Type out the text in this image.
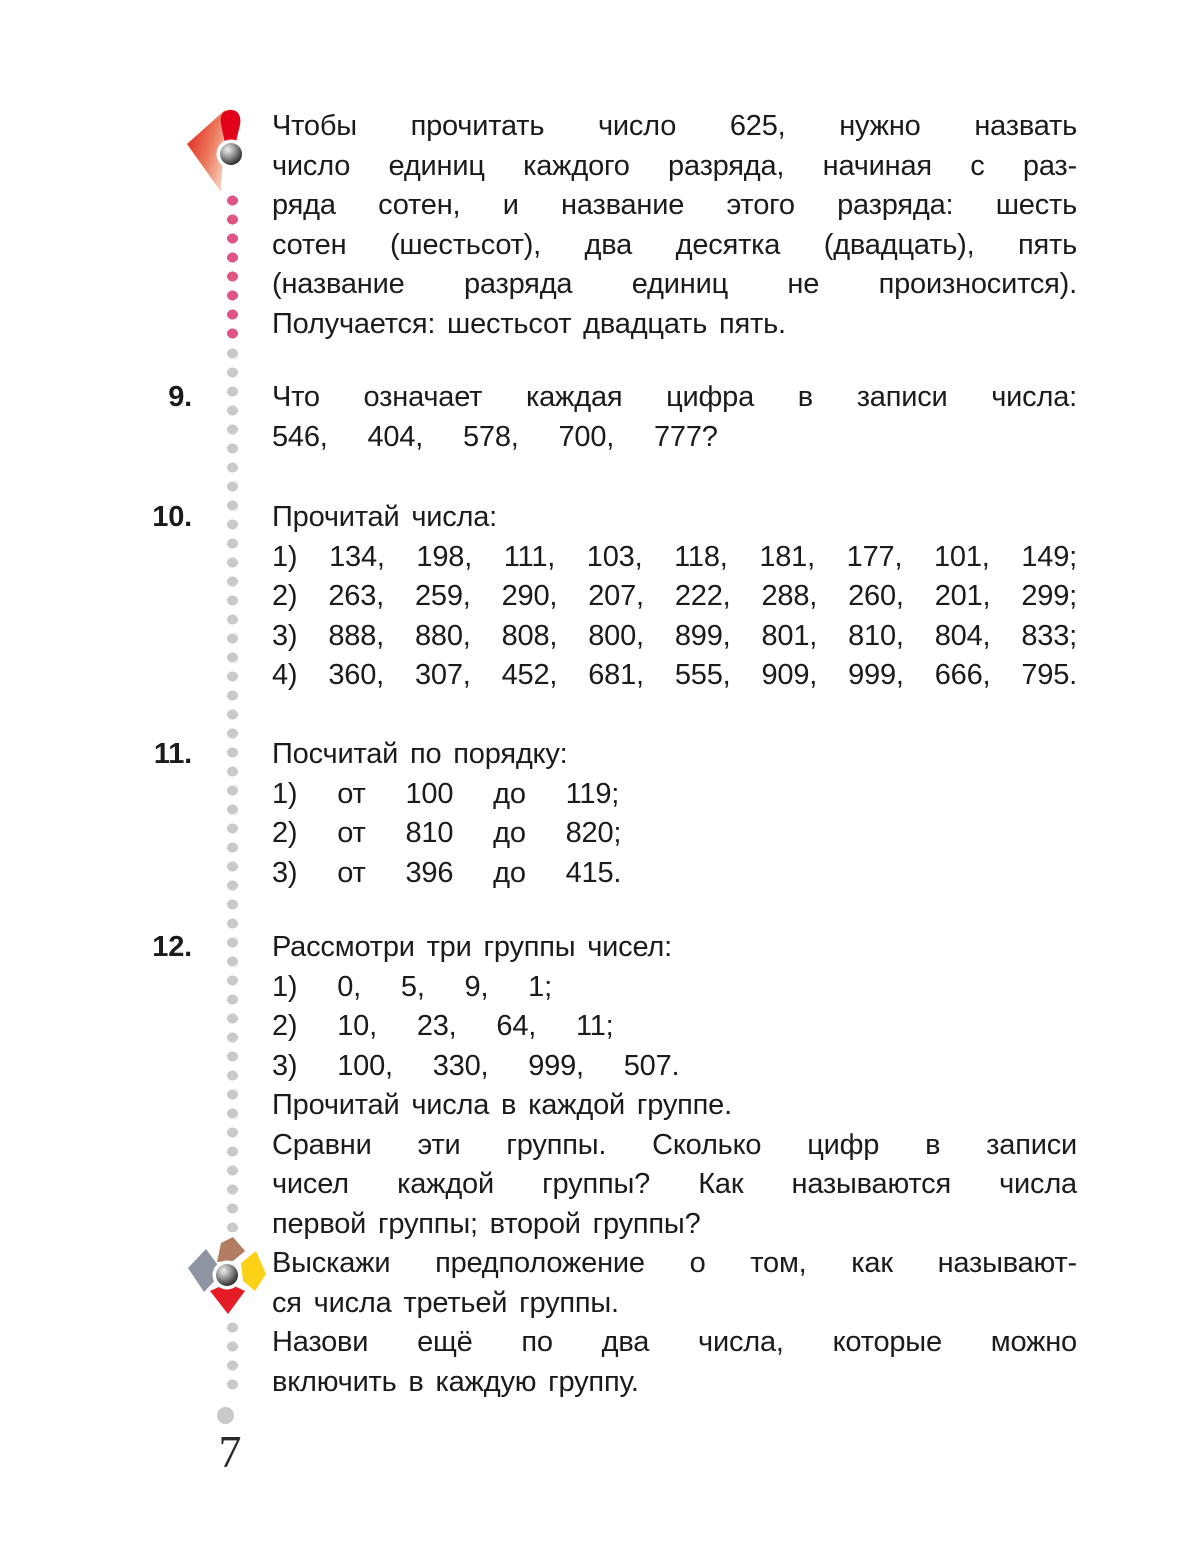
Чтобы прочитать число 625, нужно назвать
число единиц каждого разряда, начиная с раз-
ряда сотен, и название этого разряда: шесть
сотен (шестьсот), два десятка (двадцать), пять
(название разряда единиц не произносится).
Получается: шестьсот двадцать пять.
9.	Что означает каждая цифра в записи числа:
546, 404, 578, 700, 777?
10.	Прочитай числа:
1) 134, 198, 111, 103, 118, 181, 177, 101, 149;
2) 263, 259, 290, 207, 222, 288, 260, 201, 299;
3) 888, 880, 808, 800, 899, 801, 810, 804, 833;
4) 360, 307, 452, 681, 555, 909, 999, 666, 795.
11.	Посчитай по порядку:
1) от 100 до 119;
2) от 810 до 820;
3) от 396 до 415.
12.	Рассмотри три группы чисел:
1) 0, 5, 9, 1;
2) 10, 23, 64, 11;
3) 100, 330, 999, 507.
Прочитай числа в каждой группе.
Сравни эти группы. Сколько цифр в записи
чисел каждой группы? Как называются числа
первой группы; второй группы?
Выскажи предположение о том, как называют-
ся числа третьей группы.
Назови ещё по два числа, которые можно
включить в каждую группу.
7
